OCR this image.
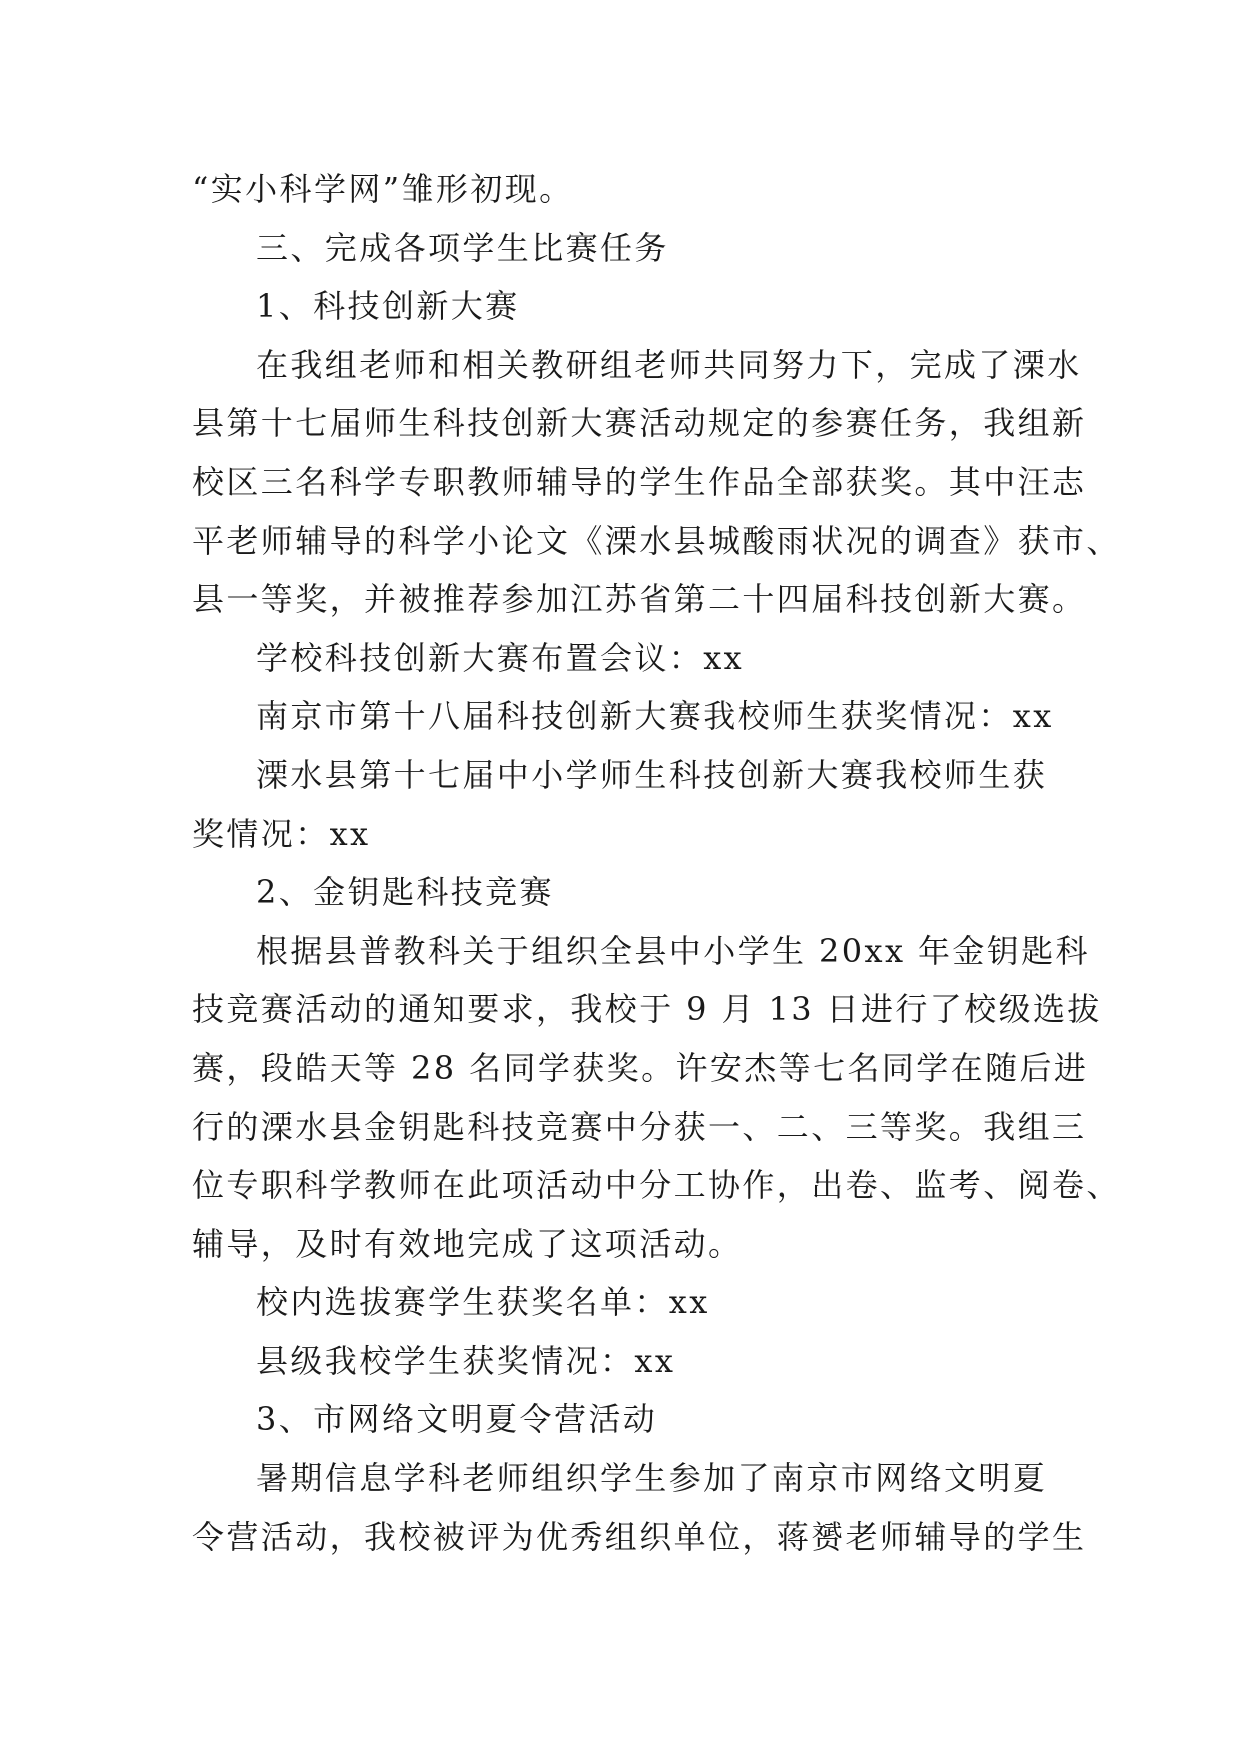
“实小科学网”雏形初现。
三、完成各项学生比赛任务
1、科技创新大赛
在我组老师和相关教研组老师共同努力下，完成了溧水
县第十七届师生科技创新大赛活动规定的参赛任务，我组新
校区三名科学专职教师辅导的学生作品全部获奖。其中汪志
平老师辅导的科学小论文《溧水县城酸雨状况的调查》获市、
县一等奖，并被推荐参加江苏省第二十四届科技创新大赛。
学校科技创新大赛布置会议：xx
南京市第十八届科技创新大赛我校师生获奖情况：xx
溧水县第十七届中小学师生科技创新大赛我校师生获
奖情况：xx
2、金钥匙科技竞赛
根据县普教科关于组织全县中小学生 20xx 年金钥匙科
技竞赛活动的通知要求，我校于 9 月 13 日进行了校级选拔
赛，段皓天等 28 名同学获奖。许安杰等七名同学在随后进
行的溧水县金钥匙科技竞赛中分获一、二、三等奖。我组三
位专职科学教师在此项活动中分工协作，出卷、监考、阅卷、
辅导，及时有效地完成了这项活动。
校内选拔赛学生获奖名单：xx
县级我校学生获奖情况：xx
3、市网络文明夏令营活动
暑期信息学科老师组织学生参加了南京市网络文明夏
令营活动，我校被评为优秀组织单位，蒋赟老师辅导的学生
